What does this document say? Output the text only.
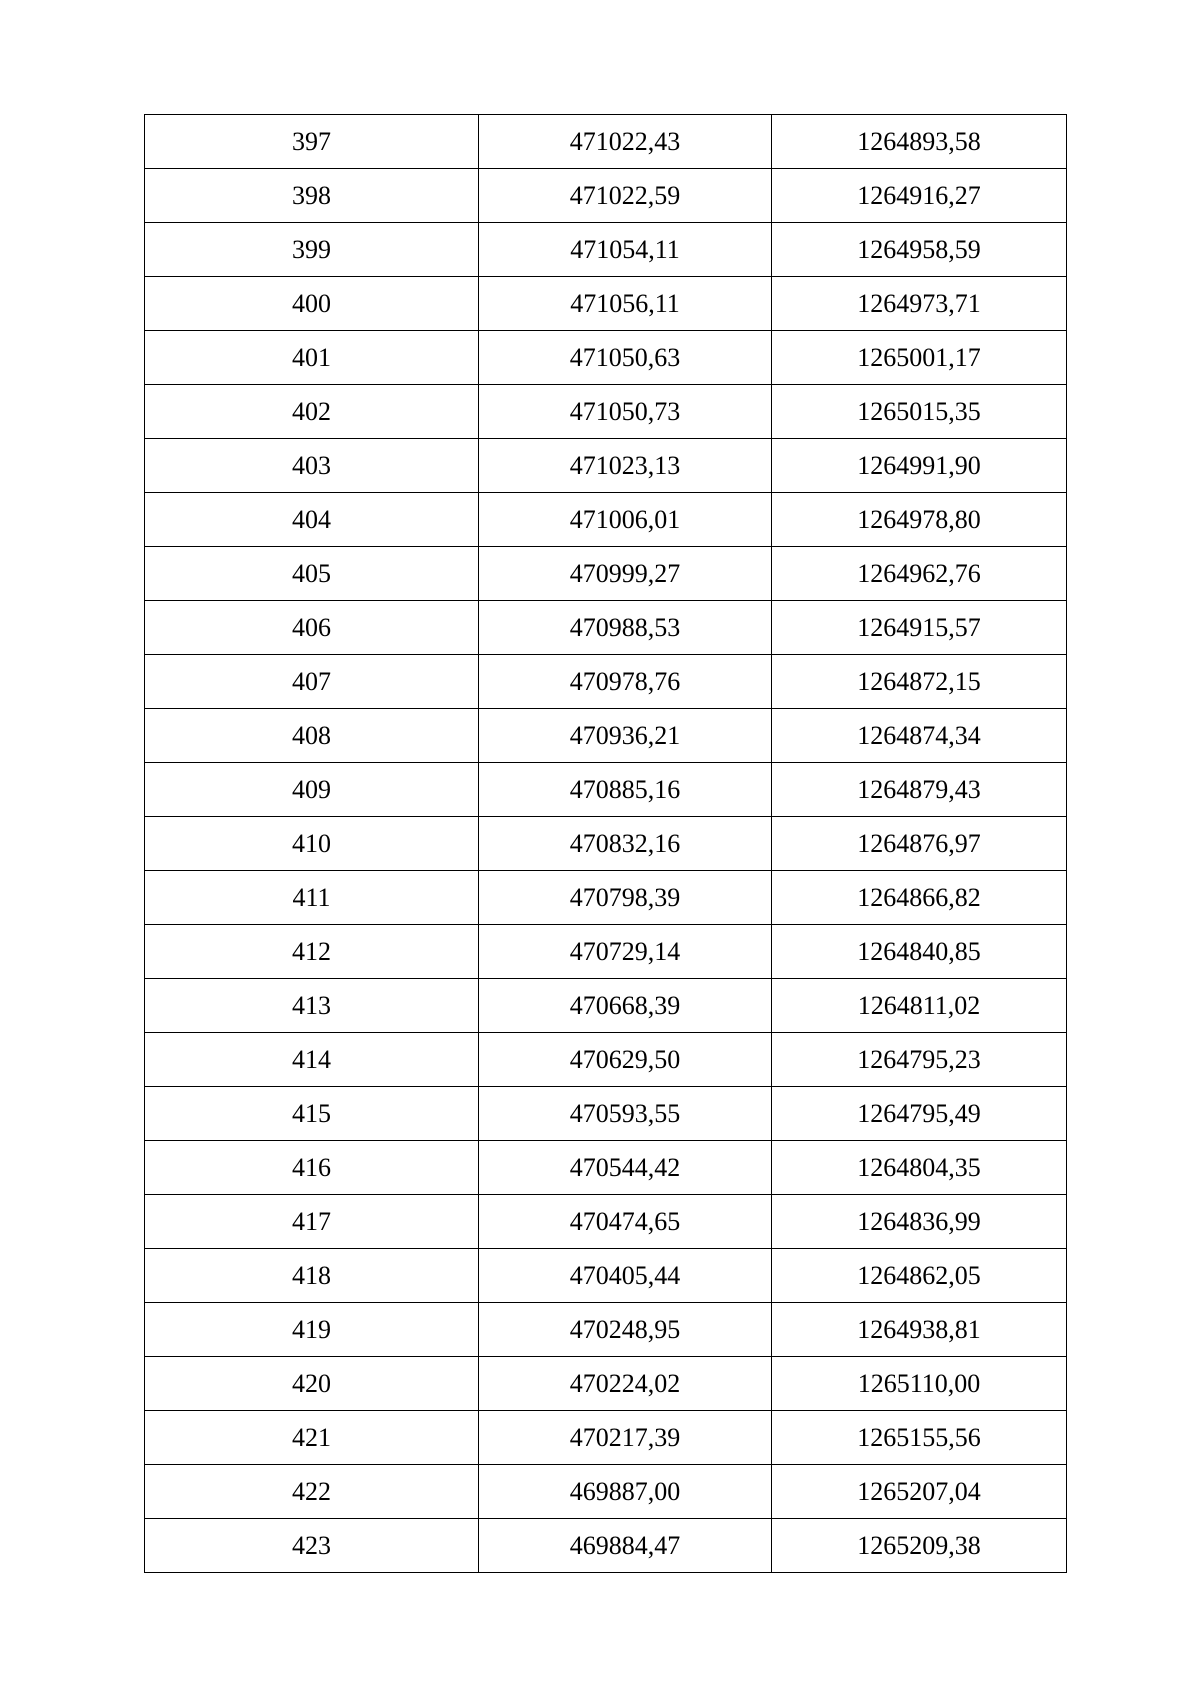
397	471022,43	1264893,58
398	471022,59	1264916,27
399	471054,11	1264958,59
400	471056,11	1264973,71
401	471050,63	1265001,17
402	471050,73	1265015,35
403	471023,13	1264991,90
404	471006,01	1264978,80
405	470999,27	1264962,76
406	470988,53	1264915,57
407	470978,76	1264872,15
408	470936,21	1264874,34
409	470885,16	1264879,43
410	470832,16	1264876,97
411	470798,39	1264866,82
412	470729,14	1264840,85
413	470668,39	1264811,02
414	470629,50	1264795,23
415	470593,55	1264795,49
416	470544,42	1264804,35
417	470474,65	1264836,99
418	470405,44	1264862,05
419	470248,95	1264938,81
420	470224,02	1265110,00
421	470217,39	1265155,56
422	469887,00	1265207,04
423	469884,47	1265209,38
